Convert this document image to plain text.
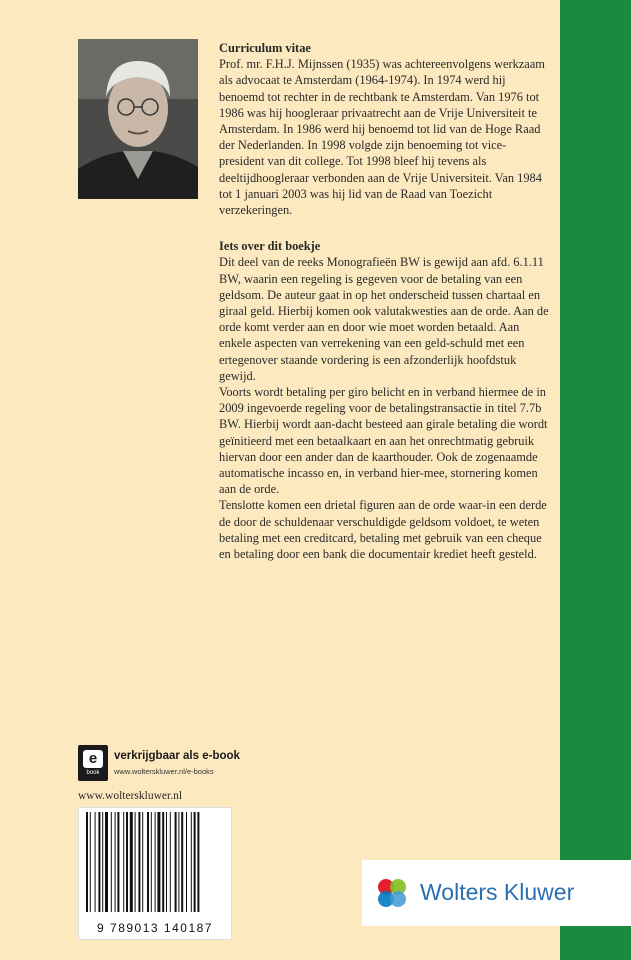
Curriculum vitae

Prof. mr. F.H.J. Mijnssen (1935) was achtereenvolgens werkzaam als advocaat te Amsterdam (1964-1974). In 1974 werd hij benoemd tot rechter in de rechtbank te Amsterdam. Van 1976 tot 1986 was hij hoogleraar privaatrecht aan de Vrije Universiteit te Amsterdam. In 1986 werd hij benoemd tot lid van de Hoge Raad der Nederlanden. In 1998 volgde zijn benoeming tot vice-president van dit college. Tot 1998 bleef hij tevens als deeltijdhoogleraar verbonden aan de Vrije Universiteit. Van 1984 tot 1 januari 2003 was hij lid van de Raad van Toezicht verzekeringen.

Iets over dit boekje

Dit deel van de reeks Monografieën BW is gewijd aan afd. 6.1.11 BW, waarin een regeling is gegeven voor de betaling van een geldsom. De auteur gaat in op het onderscheid tussen chartaal en giraal geld. Hierbij komen ook valutakwesties aan de orde. Aan de orde komt verder aan en door wie moet worden betaald. Aan enkele aspecten van verrekening van een geld-schuld met een ertegenover staande vordering is een afzonderlijk hoofdstuk gewijd.

Voorts wordt betaling per giro belicht en in verband hiermee de in 2009 ingevoerde regeling voor de betalingstransactie in titel 7.7b BW. Hierbij wordt aan-dacht besteed aan girale betaling die wordt geïnitieerd met een betaalkaart en aan het onrechtmatig gebruik hiervan door een ander dan de kaarthouder. Ook de zogenaamde automatische incasso en, in verband hier-mee, stornering komen aan de orde.

Tenslotte komen een drietal figuren aan de orde waar-in een derde de door de schuldenaar verschuldigde geldsom voldoet, te weten betaling met een creditcard, betaling met gebruik van een cheque en betaling door een bank die documentair krediet heeft gesteld.

e
book
verkrijgbaar als e-book
www.wolterskluwer.nl/e-books
www.wolterskluwer.nl
9 789013 140187
Wolters Kluwer
